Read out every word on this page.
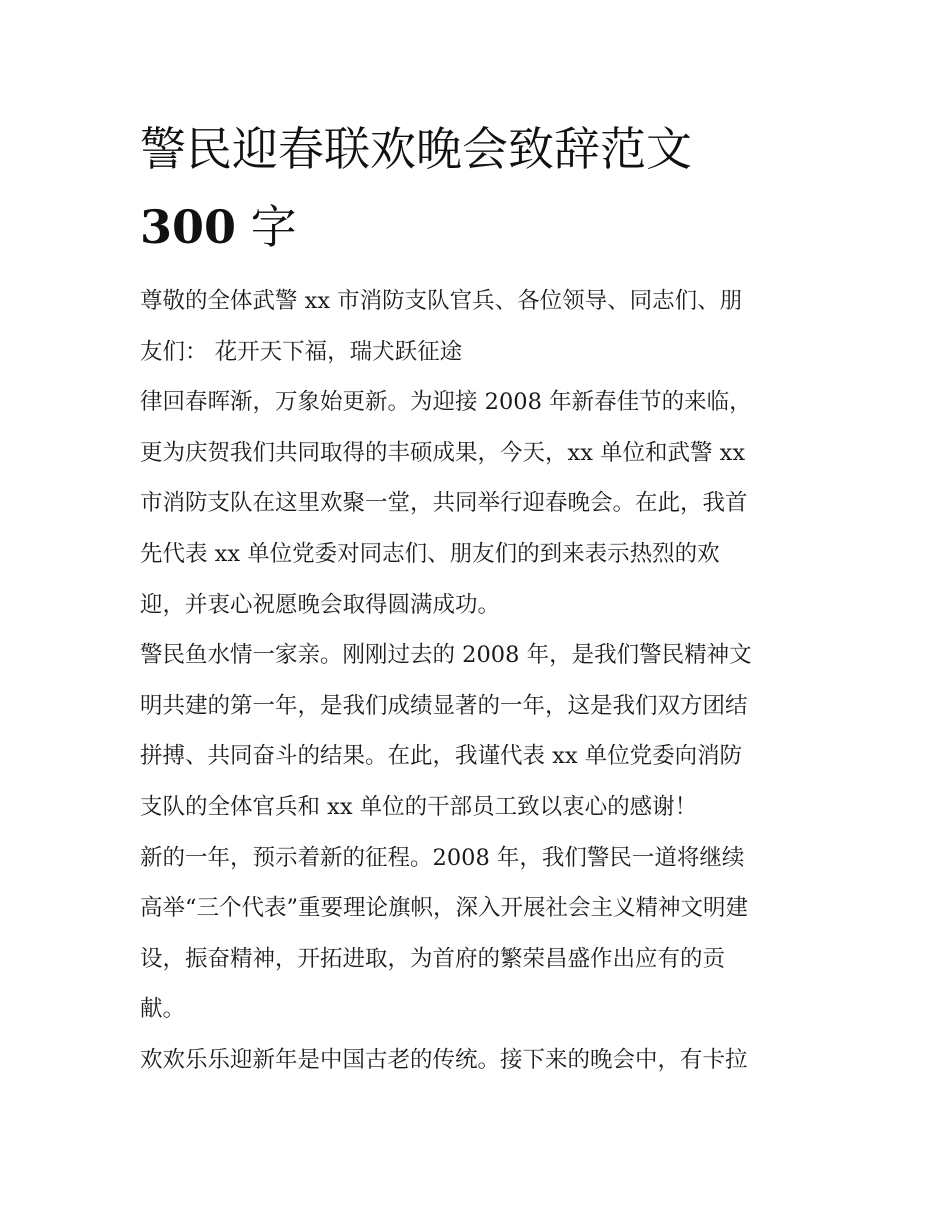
警民迎春联欢晚会致辞范文
300 字

尊敬的全体武警 xx 市消防支队官兵、各位领导、同志们、朋
友们： 花开天下福，瑞犬跃征途

律回春晖渐，万象始更新。为迎接 2008 年新春佳节的来临，
更为庆贺我们共同取得的丰硕成果，今天，xx 单位和武警 xx
市消防支队在这里欢聚一堂，共同举行迎春晚会。在此，我首
先代表 xx 单位党委对同志们、朋友们的到来表示热烈的欢
迎，并衷心祝愿晚会取得圆满成功。

警民鱼水情一家亲。刚刚过去的 2008 年，是我们警民精神文
明共建的第一年，是我们成绩显著的一年，这是我们双方团结
拼搏、共同奋斗的结果。在此，我谨代表 xx 单位党委向消防
支队的全体官兵和 xx 单位的干部员工致以衷心的感谢！

新的一年，预示着新的征程。2008 年，我们警民一道将继续
高举“三个代表”重要理论旗帜，深入开展社会主义精神文明建
设，振奋精神，开拓进取，为首府的繁荣昌盛作出应有的贡
献。

欢欢乐乐迎新年是中国古老的传统。接下来的晚会中，有卡拉
